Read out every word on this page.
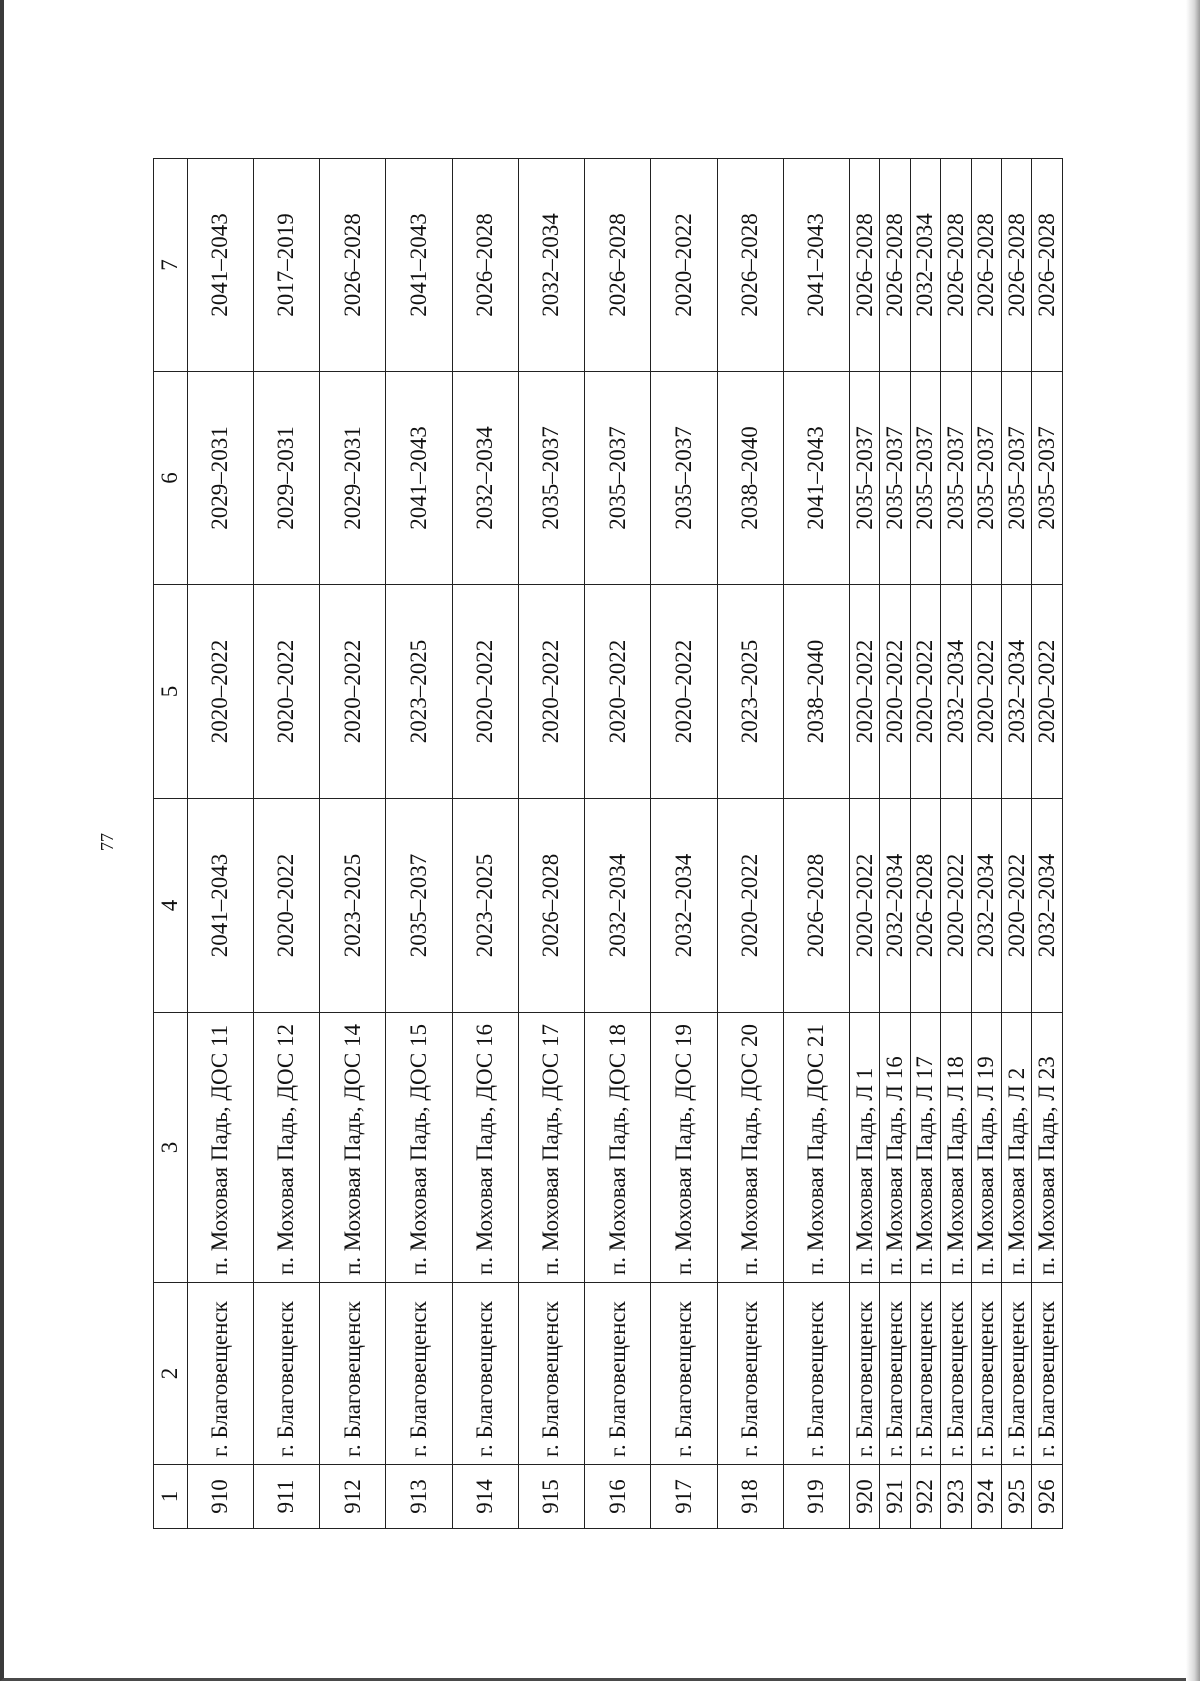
77
1	2	3	4	5	6	7
910	г. Благовещенск	п. Моховая Падь, ДОС 11	2041–2043	2020–2022	2029–2031	2041–2043
911	г. Благовещенск	п. Моховая Падь, ДОС 12	2020–2022	2020–2022	2029–2031	2017–2019
912	г. Благовещенск	п. Моховая Падь, ДОС 14	2023–2025	2020–2022	2029–2031	2026–2028
913	г. Благовещенск	п. Моховая Падь, ДОС 15	2035–2037	2023–2025	2041–2043	2041–2043
914	г. Благовещенск	п. Моховая Падь, ДОС 16	2023–2025	2020–2022	2032–2034	2026–2028
915	г. Благовещенск	п. Моховая Падь, ДОС 17	2026–2028	2020–2022	2035–2037	2032–2034
916	г. Благовещенск	п. Моховая Падь, ДОС 18	2032–2034	2020–2022	2035–2037	2026–2028
917	г. Благовещенск	п. Моховая Падь, ДОС 19	2032–2034	2020–2022	2035–2037	2020–2022
918	г. Благовещенск	п. Моховая Падь, ДОС 20	2020–2022	2023–2025	2038–2040	2026–2028
919	г. Благовещенск	п. Моховая Падь, ДОС 21	2026–2028	2038–2040	2041–2043	2041–2043
920	г. Благовещенск	п. Моховая Падь, Л 1	2020–2022	2020–2022	2035–2037	2026–2028
921	г. Благовещенск	п. Моховая Падь, Л 16	2032–2034	2020–2022	2035–2037	2026–2028
922	г. Благовещенск	п. Моховая Падь, Л 17	2026–2028	2020–2022	2035–2037	2032–2034
923	г. Благовещенск	п. Моховая Падь, Л 18	2020–2022	2032–2034	2035–2037	2026–2028
924	г. Благовещенск	п. Моховая Падь, Л 19	2032–2034	2020–2022	2035–2037	2026–2028
925	г. Благовещенск	п. Моховая Падь, Л 2	2020–2022	2032–2034	2035–2037	2026–2028
926	г. Благовещенск	п. Моховая Падь, Л 23	2032–2034	2020–2022	2035–2037	2026–2028
